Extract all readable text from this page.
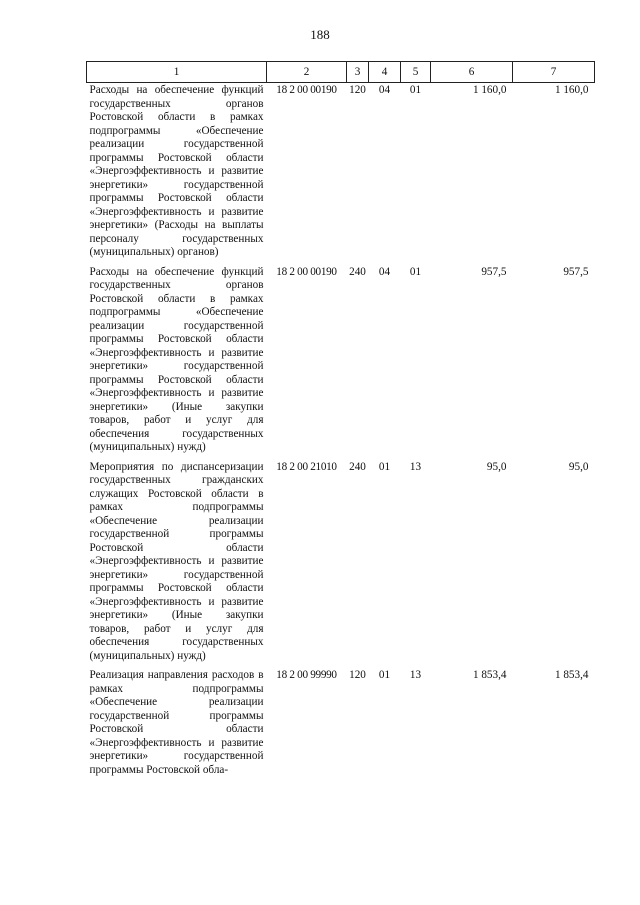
188
1	2	3	4	5	6	7
Расходы на обеспечение функций государственных органов Ростовской области в рамках подпрограммы «Обеспечение реализации государственной программы Ростовской области «Энергоэффективность и развитие энергетики» государственной программы Ростовской области «Энергоэффективность и развитие энергетики» (Расходы на выплаты персоналу государственных (муниципальных) органов)	18 2 00 00190	120	04	01	1 160,0	1 160,0
Расходы на обеспечение функций государственных органов Ростовской области в рамках подпрограммы «Обеспечение реализации государственной программы Ростовской области «Энергоэффективность и развитие энергетики» государственной программы Ростовской области «Энергоэффективность и развитие энергетики» (Иные закупки товаров, работ и услуг для обеспечения государственных (муниципальных) нужд)	18 2 00 00190	240	04	01	957,5	957,5
Мероприятия по диспансеризации государственных гражданских служащих Ростовской области в рамках подпрограммы «Обеспечение реализации государственной программы Ростовской области «Энергоэффективность и развитие энергетики» государственной программы Ростовской области «Энергоэффективность и развитие энергетики» (Иные закупки товаров, работ и услуг для обеспечения государственных (муниципальных) нужд)	18 2 00 21010	240	01	13	95,0	95,0
Реализация направления расходов в рамках подпрограммы «Обеспечение реализации государственной программы Ростовской области «Энергоэффективность и развитие энергетики» государственной программы Ростовской обла-	18 2 00 99990	120	01	13	1 853,4	1 853,4
